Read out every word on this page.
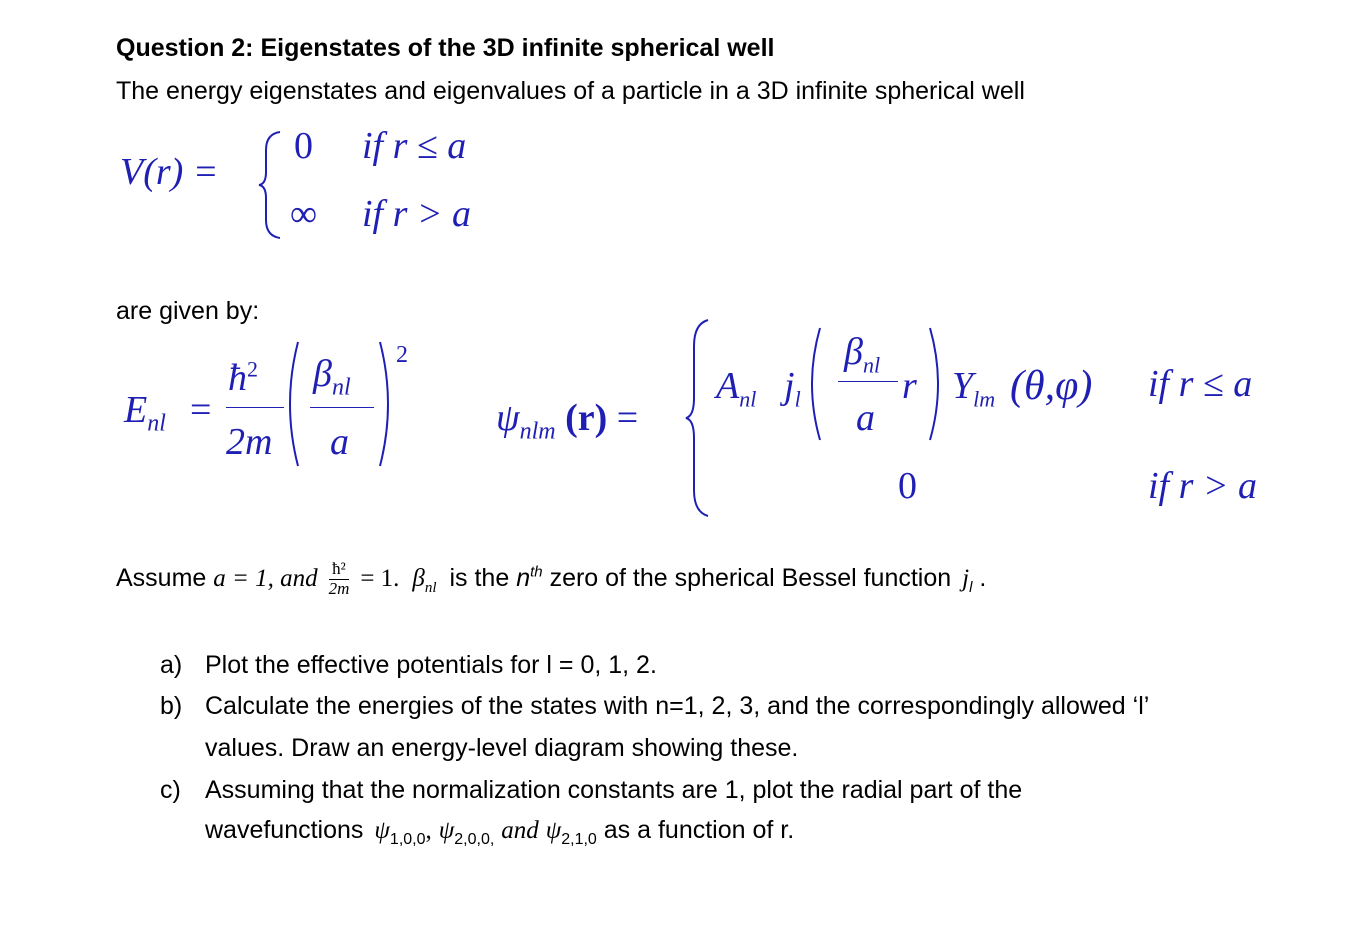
Question 2: Eigenstates of the 3D infinite spherical well
The energy eigenstates and eigenvalues of a particle in a 3D infinite spherical well
V(r) =
0 if r ≤ a
∞ if r > a
are given by:
$E_{nl}$ =
$ħ^2$
2m
$\beta_{nl}$
a
2
$\psi_{nlm}$ (r) =
$A_{nl}$ $j_l$
$\beta_{nl}$
a
r $Y_{lm}$ (θ,φ) if r ≤ a
0	if r > a
Assume a = 1, and $\frac{\text{ħ²}}{2m} = 1$. $\beta_{nl}$ is the $n^{th}$ zero of the spherical Bessel function $j_l$ .
a) Plot the effective potentials for l = 0, 1, 2.
b) Calculate the energies of the states with n=1, 2, 3, and the correspondingly allowed ‘l’
values. Draw an energy-level diagram showing these.
c) Assuming that the normalization constants are 1, plot the radial part of the
wavefunctions $\psi_{1,0,0}$, $\psi_{2,0,0,}$ and $\psi_{2,1,0}$ as a function of r.
